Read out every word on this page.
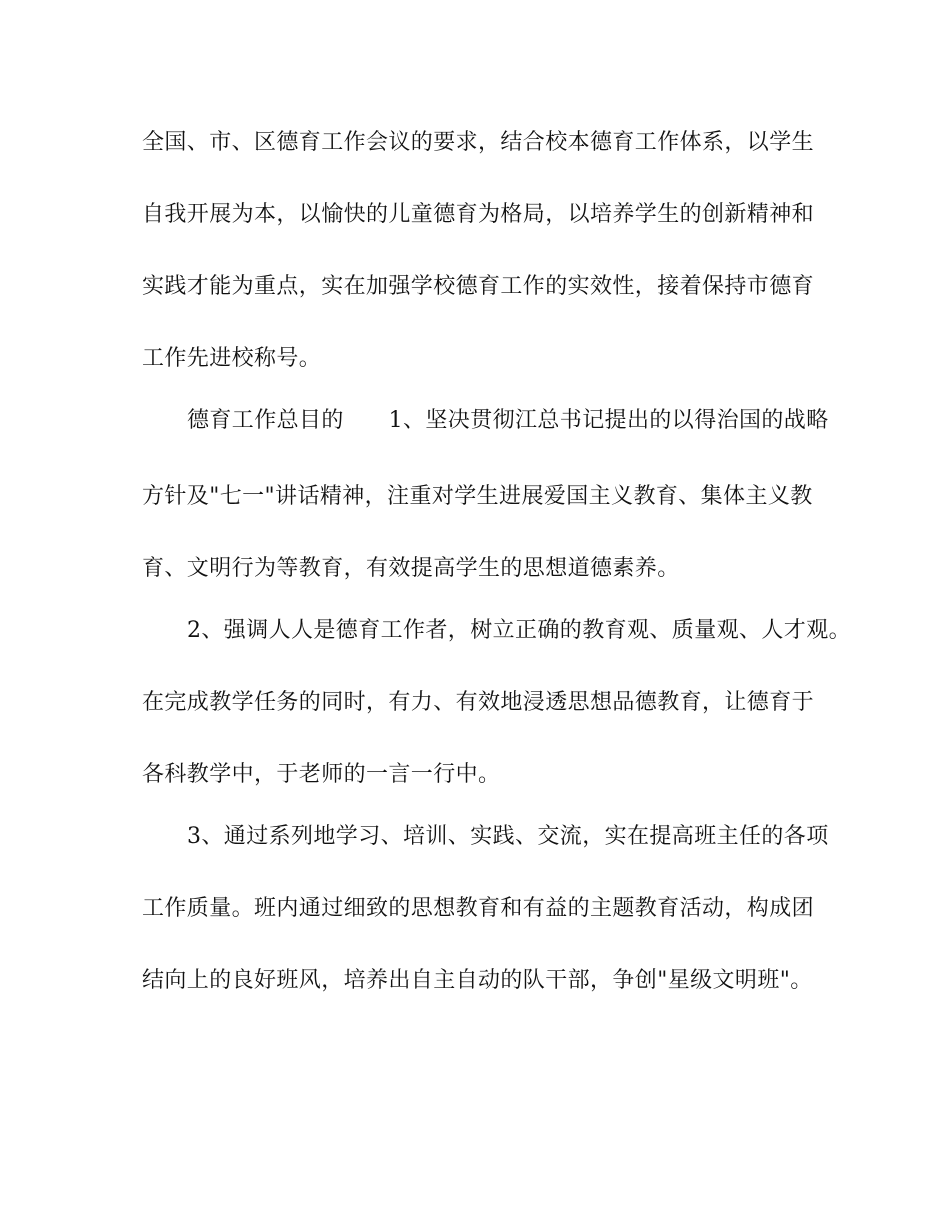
全国、市、区德育工作会议的要求，结合校本德育工作体系，以学生
自我开展为本，以愉快的儿童德育为格局，以培养学生的创新精神和
实践才能为重点，实在加强学校德育工作的实效性，接着保持市德育
工作先进校称号。
德育工作总目的　　1、坚决贯彻江总书记提出的以得治国的战略
方针及"七一"讲话精神，注重对学生进展爱国主义教育、集体主义教
育、文明行为等教育，有效提高学生的思想道德素养。
2、强调人人是德育工作者，树立正确的教育观、质量观、人才观。
在完成教学任务的同时，有力、有效地浸透思想品德教育，让德育于
各科教学中，于老师的一言一行中。
3、通过系列地学习、培训、实践、交流，实在提高班主任的各项
工作质量。班内通过细致的思想教育和有益的主题教育活动，构成团
结向上的良好班风，培养出自主自动的队干部，争创"星级文明班"。
